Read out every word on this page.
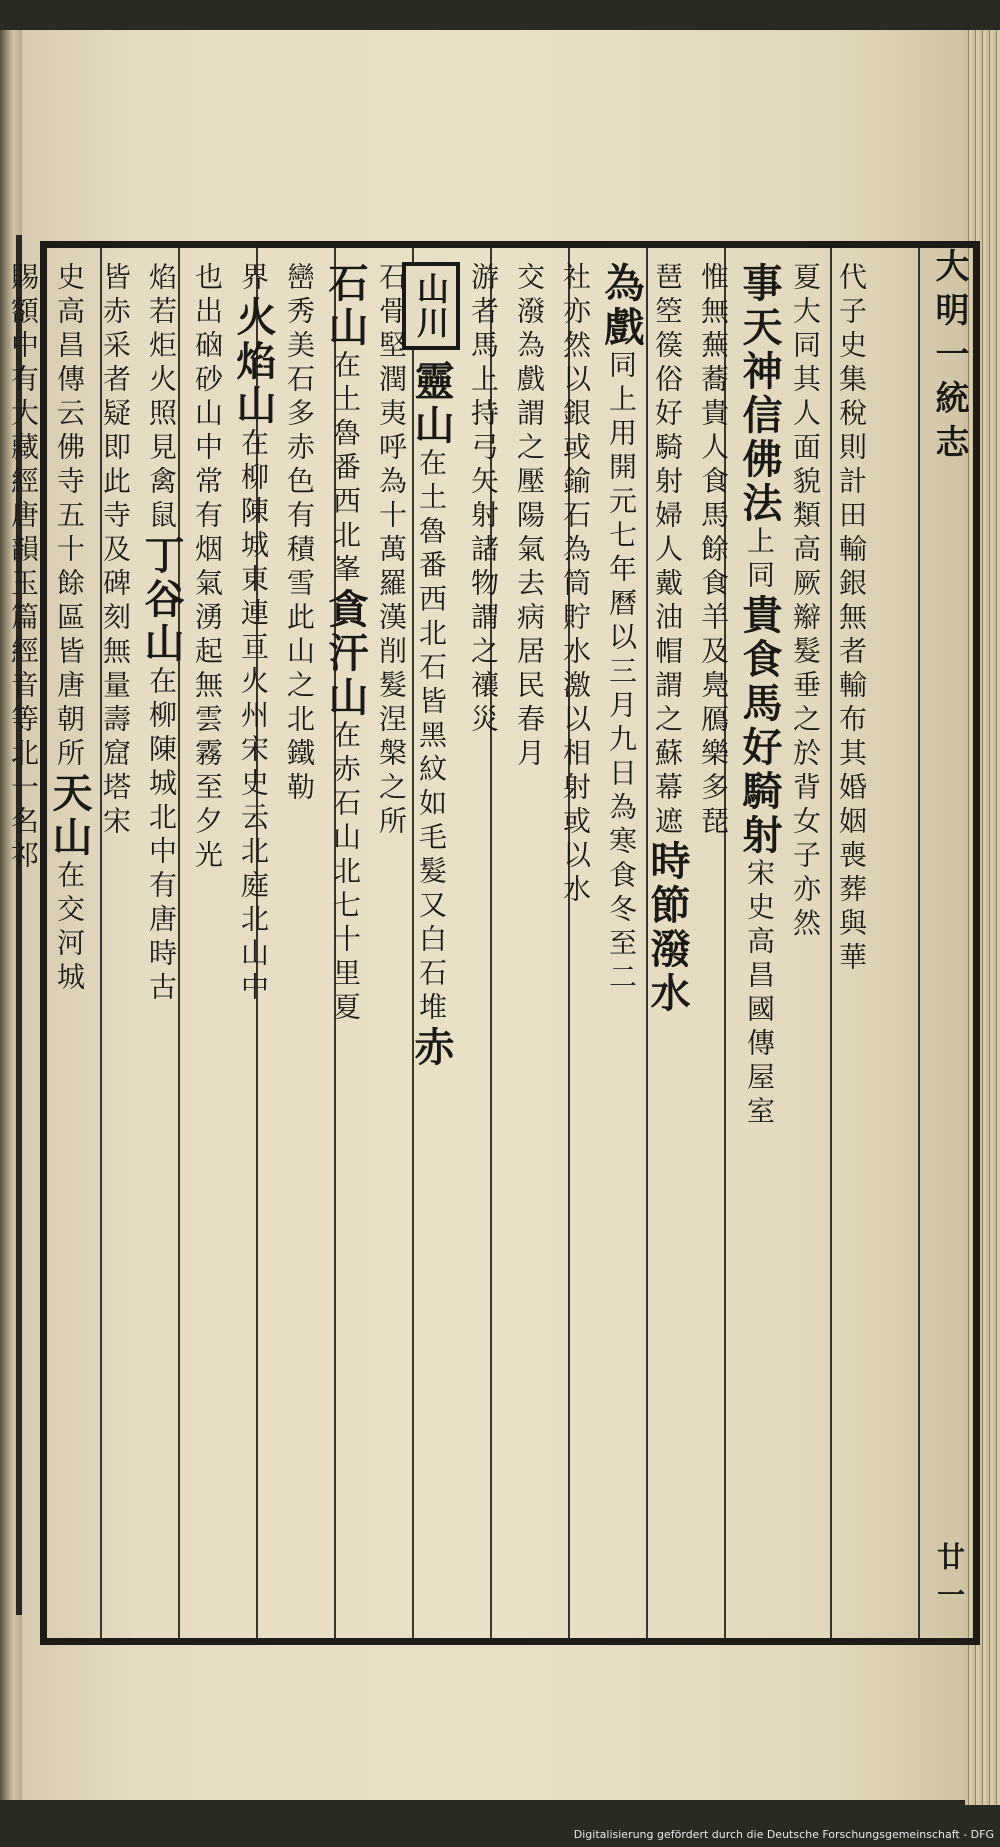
大明一統志
廿一
代子史集稅則計田輸銀無者輸布其婚姻喪葬與華
夏大同其人面貌類高厥辮髮垂之於背女子亦然
事天神信佛法上同貴食馬好騎射宋史高昌國傳屋室
惟無蕪蕎貴人食馬餘食羊及鳧鴈樂多琵
琶箜篌俗好騎射婦人戴油帽謂之蘇幕遮時節潑水
為戲同上用開元七年曆以三月九日為寒食冬至二
社亦然以銀或鍮石為筒貯水激以相射或以水
交潑為戲謂之壓陽氣去病居民春月
游者馬上持弓矢射諸物謂之禳災
山川靈山在土魯番西北石皆黑紋如毛髮又白石堆赤
石骨堅潤夷呼為十萬羅漢削髮涅槃之所
石山在土魯番西北峯貪汗山在赤石山北七十里夏
巒秀美石多赤色有積雪此山之北鐵勒
界火焰山在柳陳城東連亘火州宋史云北庭北山中
也出硇砂山中常有烟氣湧起無雲霧至夕光
焰若炬火照見禽鼠丁谷山在柳陳城北中有唐時古
皆赤采者疑即此寺及碑刻無量壽窟塔宋
史高昌傳云佛寺五十餘區皆唐朝所天山在交河城
賜額中有大藏經唐韻玉篇經音等北一名祁
Digitalisierung gefördert durch die Deutsche Forschungsgemeinschaft - DFG
